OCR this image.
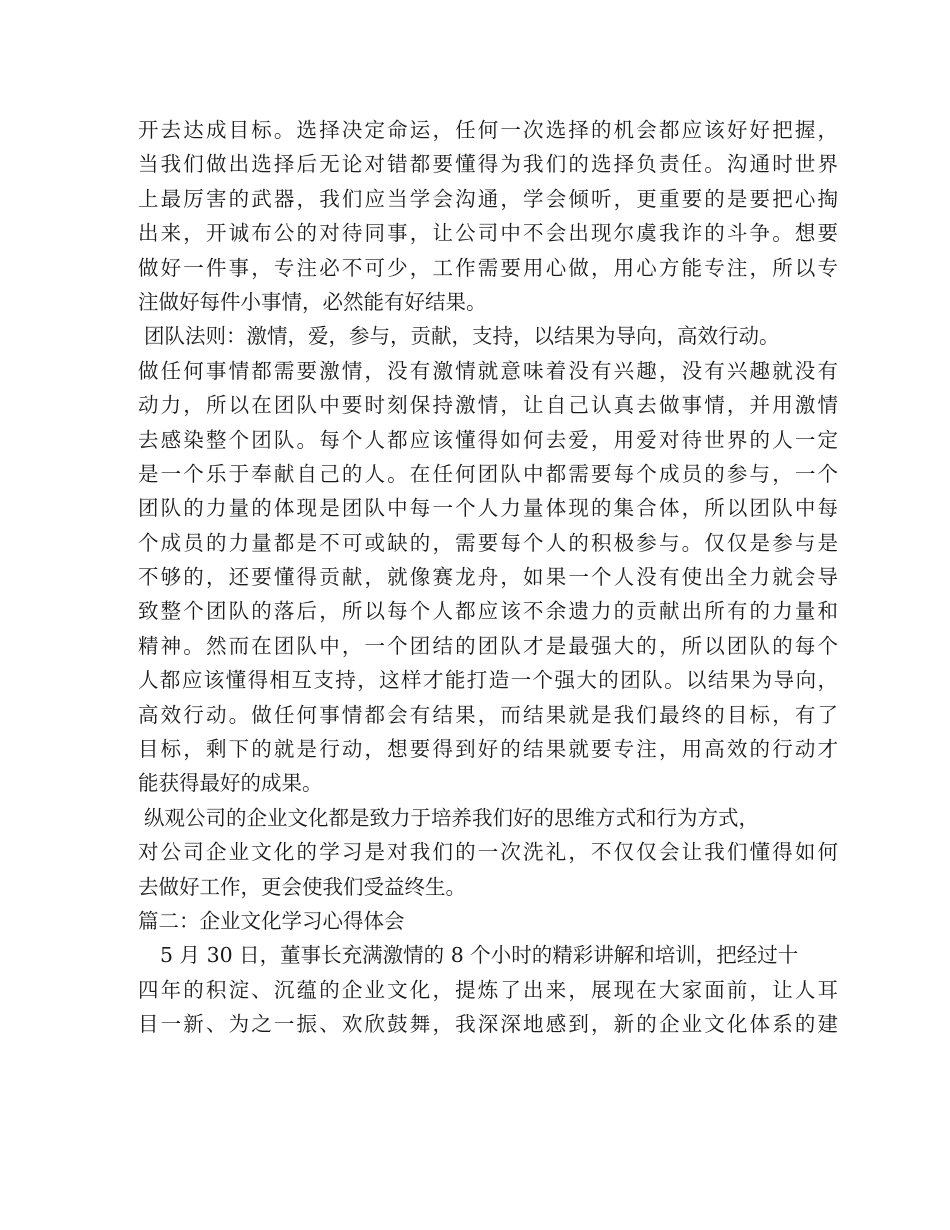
开去达成目标。选择决定命运，任何一次选择的机会都应该好好把握，
当我们做出选择后无论对错都要懂得为我们的选择负责任。沟通时世界
上最厉害的武器，我们应当学会沟通，学会倾听，更重要的是要把心掏
出来，开诚布公的对待同事，让公司中不会出现尔虞我诈的斗争。想要
做好一件事，专注必不可少，工作需要用心做，用心方能专注，所以专
注做好每件小事情，必然能有好结果。
团队法则：激情，爱，参与，贡献，支持，以结果为导向，高效行动。
做任何事情都需要激情，没有激情就意味着没有兴趣，没有兴趣就没有
动力，所以在团队中要时刻保持激情，让自己认真去做事情，并用激情
去感染整个团队。每个人都应该懂得如何去爱，用爱对待世界的人一定
是一个乐于奉献自己的人。在任何团队中都需要每个成员的参与，一个
团队的力量的体现是团队中每一个人力量体现的集合体，所以团队中每
个成员的力量都是不可或缺的，需要每个人的积极参与。仅仅是参与是
不够的，还要懂得贡献，就像赛龙舟，如果一个人没有使出全力就会导
致整个团队的落后，所以每个人都应该不余遗力的贡献出所有的力量和
精神。然而在团队中，一个团结的团队才是最强大的，所以团队的每个
人都应该懂得相互支持，这样才能打造一个强大的团队。以结果为导向，
高效行动。做任何事情都会有结果，而结果就是我们最终的目标，有了
目标，剩下的就是行动，想要得到好的结果就要专注，用高效的行动才
能获得最好的成果。
纵观公司的企业文化都是致力于培养我们好的思维方式和行为方式，
对公司企业文化的学习是对我们的一次洗礼，不仅仅会让我们懂得如何
去做好工作，更会使我们受益终生。
篇二：企业文化学习心得体会
5 月 30 日，董事长充满激情的 8 个小时的精彩讲解和培训，把经过十
四年的积淀、沉蕴的企业文化，提炼了出来，展现在大家面前，让人耳
目一新、为之一振、欢欣鼓舞，我深深地感到，新的企业文化体系的建
